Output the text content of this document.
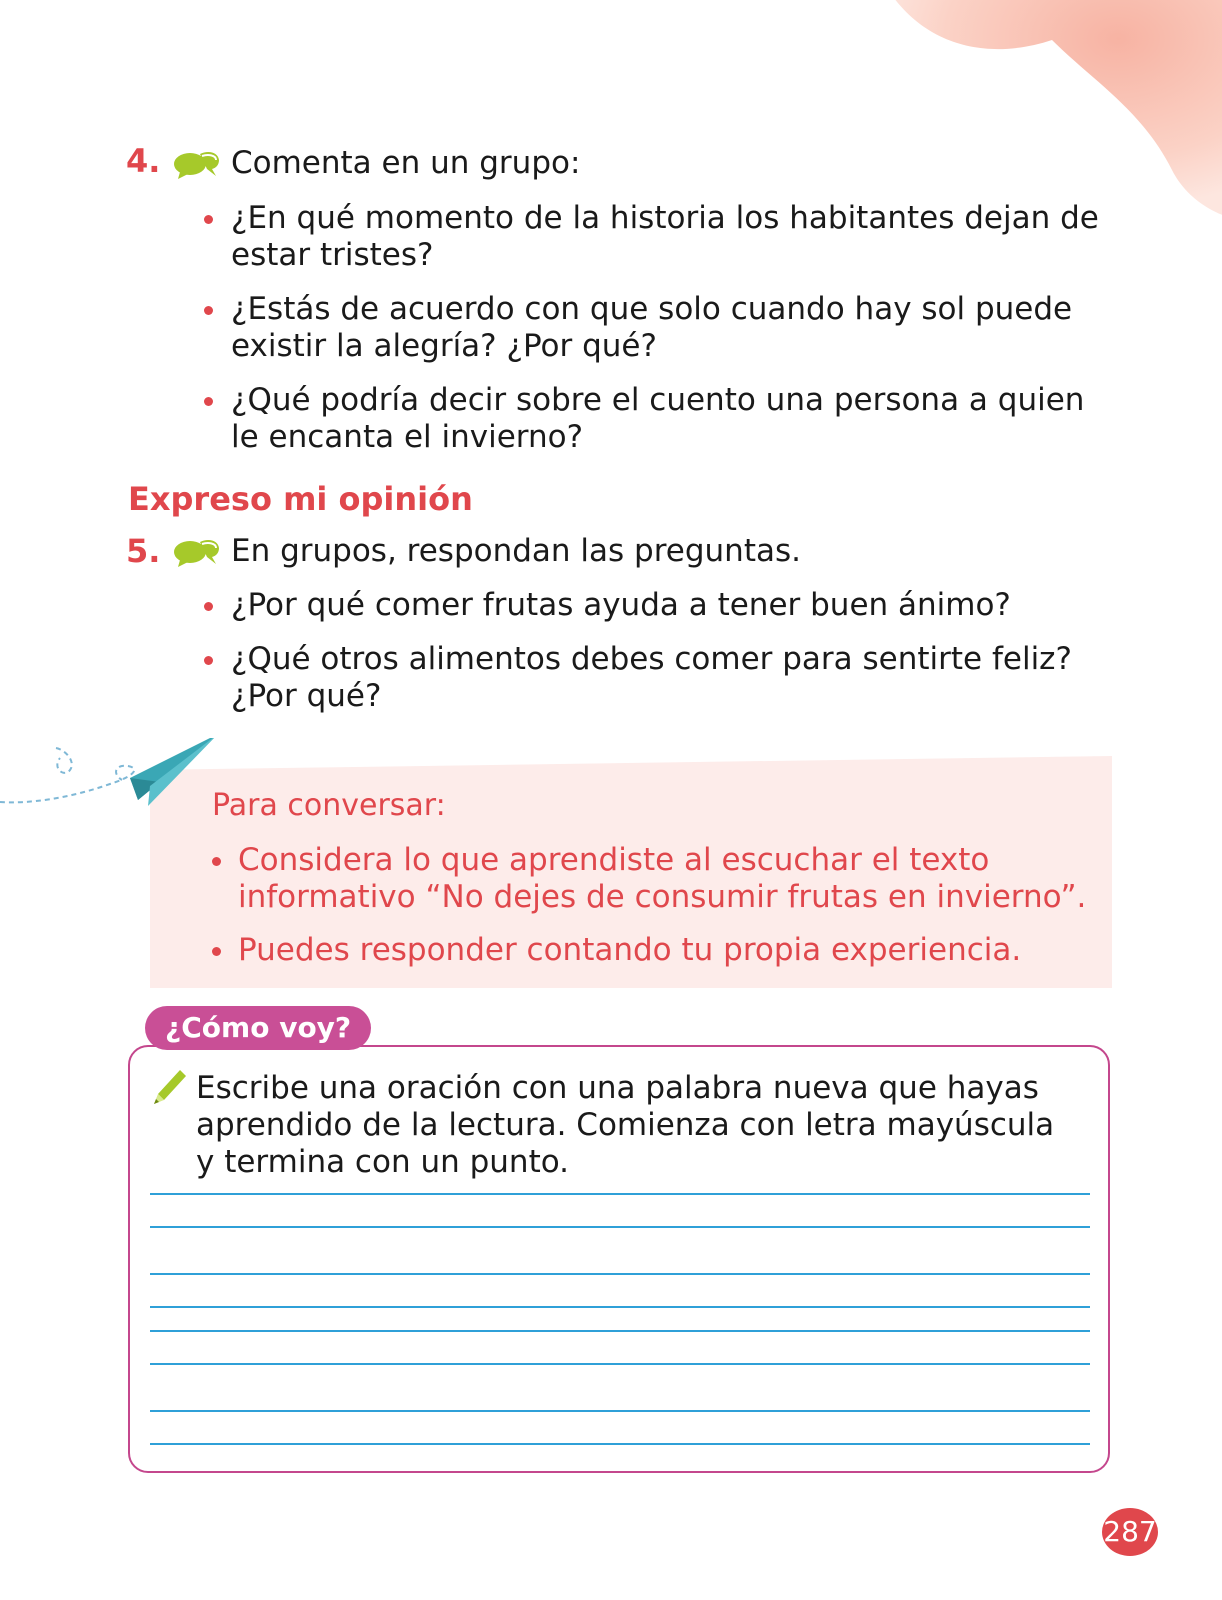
4. Comenta en un grupo:
¿En qué momento de la historia los habitantes dejan de estar tristes?
¿Estás de acuerdo con que solo cuando hay sol puede existir la alegría? ¿Por qué?
¿Qué podría decir sobre el cuento una persona a quien le encanta el invierno?
Expreso mi opinión
5. En grupos, respondan las preguntas.
¿Por qué comer frutas ayuda a tener buen ánimo?
¿Qué otros alimentos debes comer para sentirte feliz? ¿Por qué?
Para conversar:
Considera lo que aprendiste al escuchar el texto informativo “No dejes de consumir frutas en invierno”.
Puedes responder contando tu propia experiencia.
¿Cómo voy?
Escribe una oración con una palabra nueva que hayas aprendido de la lectura. Comienza con letra mayúscula y termina con un punto.
287
